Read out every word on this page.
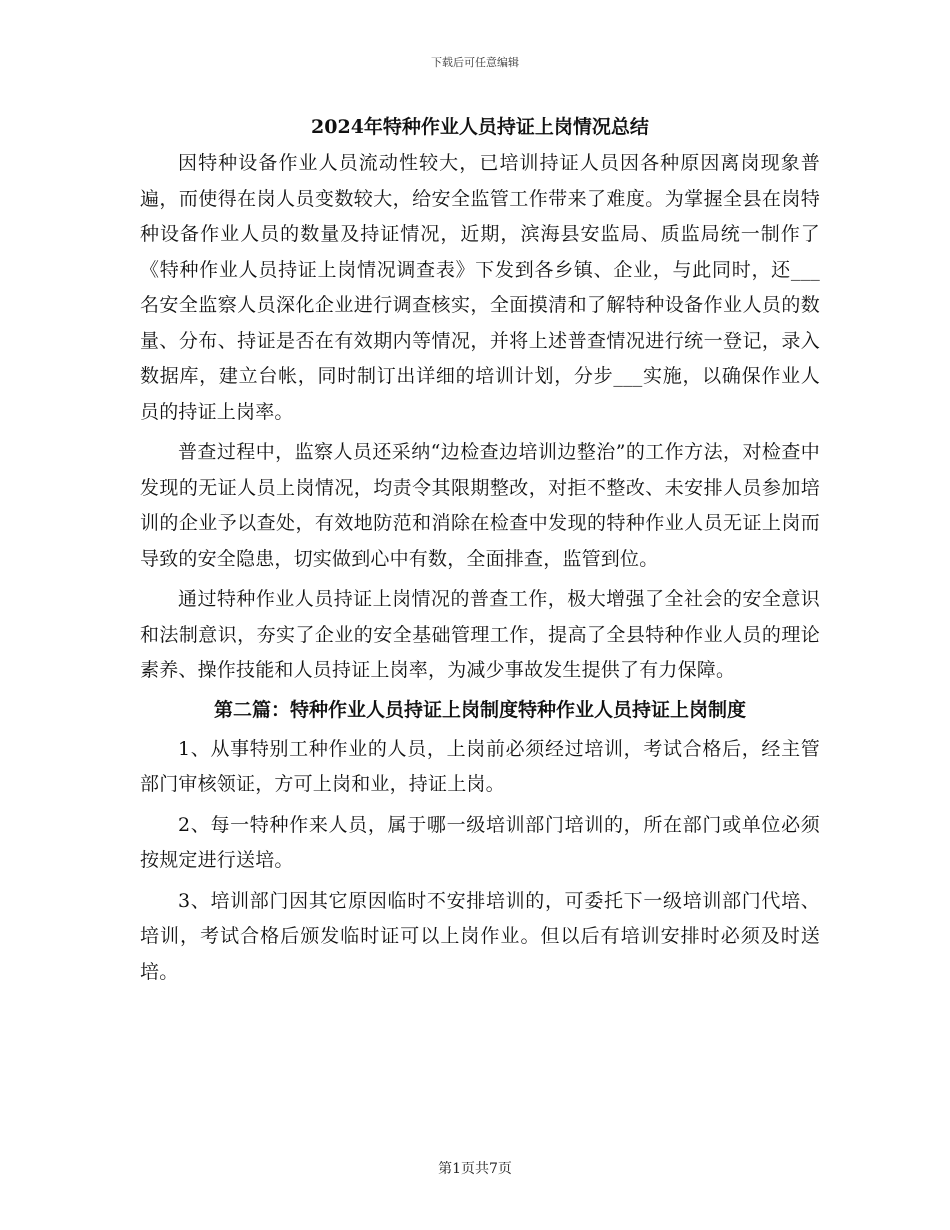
下载后可任意编辑
2024年特种作业人员持证上岗情况总结

因特种设备作业人员流动性较大，已培训持证人员因各种原因离岗现象普遍，而使得在岗人员变数较大，给安全监管工作带来了难度。为掌握全县在岗特种设备作业人员的数量及持证情况，近期，滨海县安监局、质监局统一制作了《特种作业人员持证上岗情况调查表》下发到各乡镇、企业，与此同时，还___名安全监察人员深化企业进行调查核实，全面摸清和了解特种设备作业人员的数量、分布、持证是否在有效期内等情况，并将上述普查情况进行统一登记，录入数据库，建立台帐，同时制订出详细的培训计划，分步___实施，以确保作业人员的持证上岗率。

普查过程中，监察人员还采纳“边检查边培训边整治”的工作方法，对检查中发现的无证人员上岗情况，均责令其限期整改，对拒不整改、未安排人员参加培训的企业予以查处，有效地防范和消除在检查中发现的特种作业人员无证上岗而导致的安全隐患，切实做到心中有数，全面排查，监管到位。

通过特种作业人员持证上岗情况的普查工作，极大增强了全社会的安全意识和法制意识，夯实了企业的安全基础管理工作，提高了全县特种作业人员的理论素养、操作技能和人员持证上岗率，为减少事故发生提供了有力保障。

第二篇：特种作业人员持证上岗制度特种作业人员持证上岗制度

1、从事特别工种作业的人员，上岗前必须经过培训，考试合格后，经主管部门审核领证，方可上岗和业，持证上岗。

2、每一特种作来人员，属于哪一级培训部门培训的，所在部门或单位必须按规定进行送培。

3、培训部门因其它原因临时不安排培训的，可委托下一级培训部门代培、培训，考试合格后颁发临时证可以上岗作业。但以后有培训安排时必须及时送培。

第1页共7页
